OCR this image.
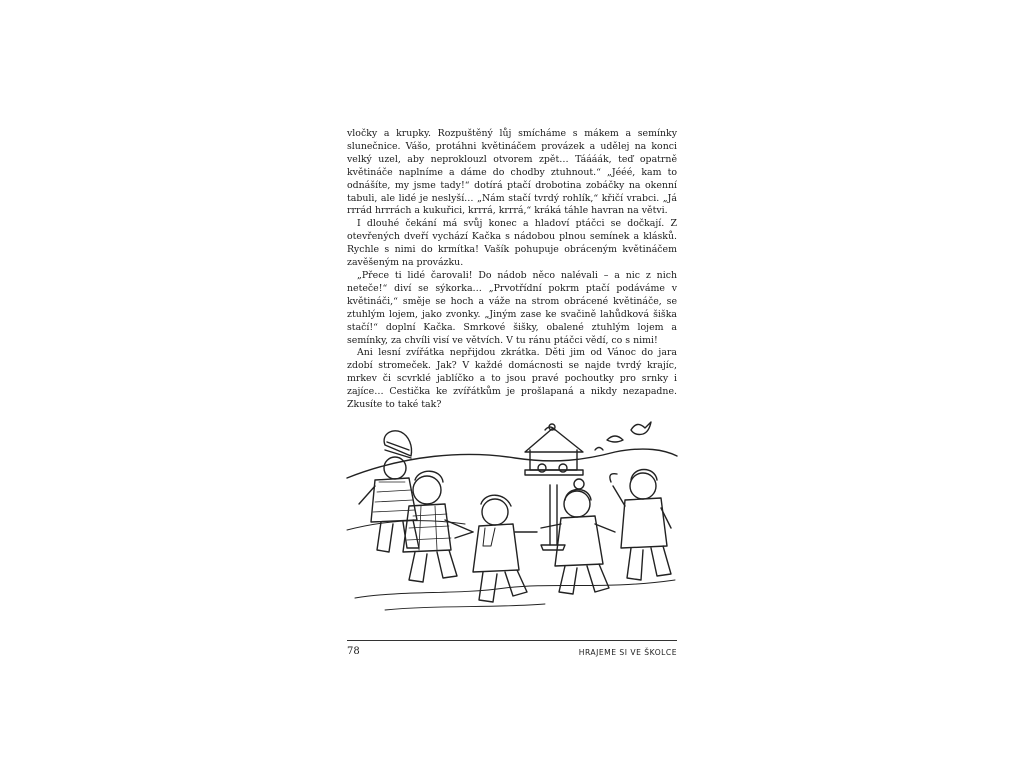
vločky a krupky. Rozpuštěný lůj smícháme s mákem a semínky slunečnice. Vášo, protáhni květináčem provázek a udělej na konci velký uzel, aby neproklouzl otvorem zpět… Táááák, teď opatrně květináče naplníme a dáme do chodby ztuhnout.“ „Jééé, kam to odnášíte, my jsme tady!“ dotírá ptačí drobotina zobáčky na okenní tabuli, ale lidé je neslyší… „Nám stačí tvrdý rohlík,“ křičí vrabci. „Já rrrád hrrrách a kukuřici, krrrá, krrrá,“ kráká táhle havran na větvi.

I dlouhé čekání má svůj konec a hladoví ptáčci se dočkají. Z otevřených dveří vychází Kačka s nádobou plnou semínek a klásků. Rychle s nimi do krmítka! Vašík pohupuje obráceným květináčem zavěšeným na provázku.

„Přece ti lidé čarovali! Do nádob něco nalévali – a nic z nich neteče!“ diví se sýkorka… „Prvotřídní pokrm ptačí podáváme v květináči,“ směje se hoch a váže na strom obrácené květináče, se ztuhlým lojem, jako zvonky. „Jiným zase ke svačině lahůdková šiška stačí!“ doplní Kačka. Smrkové šišky, obalené ztuhlým lojem a semínky, za chvíli visí ve větvích. V tu ránu ptáčci vědí, co s nimi!

Ani lesní zvířátka nepřijdou zkrátka. Děti jim od Vánoc do jara zdobí stromeček. Jak? V každé domácnosti se najde tvrdý krajíc, mrkev či scvrklé jablíčko a to jsou pravé pochoutky pro srnky i zajíce… Cestička ke zvířátkům je prošlapaná a nikdy nezapadne. Zkusíte to také tak?

78	HRAJEME SI VE ŠKOLCE
